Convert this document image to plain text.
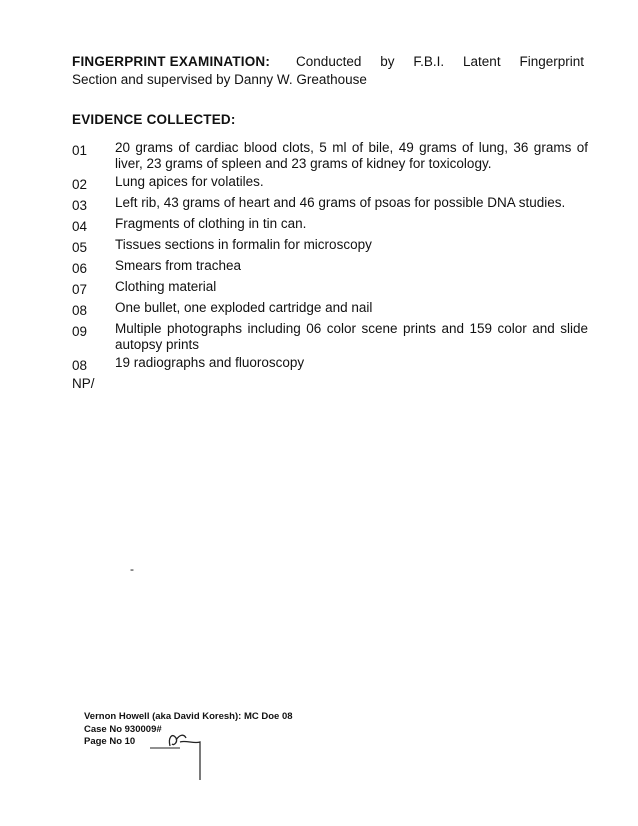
FINGERPRINT EXAMINATION: Conducted by F.B.I. Latent Fingerprint
Section and supervised by Danny W. Greathouse
EVIDENCE COLLECTED:
01	20 grams of cardiac blood clots, 5 ml of bile, 49 grams of lung, 36 grams of liver, 23 grams of spleen and 23 grams of kidney for toxicology.
02	Lung apices for volatiles.
03	Left rib, 43 grams of heart and 46 grams of psoas for possible DNA studies.
04	Fragments of clothing in tin can.
05	Tissues sections in formalin for microscopy
06	Smears from trachea
07	Clothing material
08	One bullet, one exploded cartridge and nail
09	Multiple photographs including 06 color scene prints and 159 color and slide autopsy prints
08	19 radiographs and fluoroscopy
NP/
-
Vernon Howell (aka David Koresh): MC Doe 08
Case No 930009#
Page No 10
